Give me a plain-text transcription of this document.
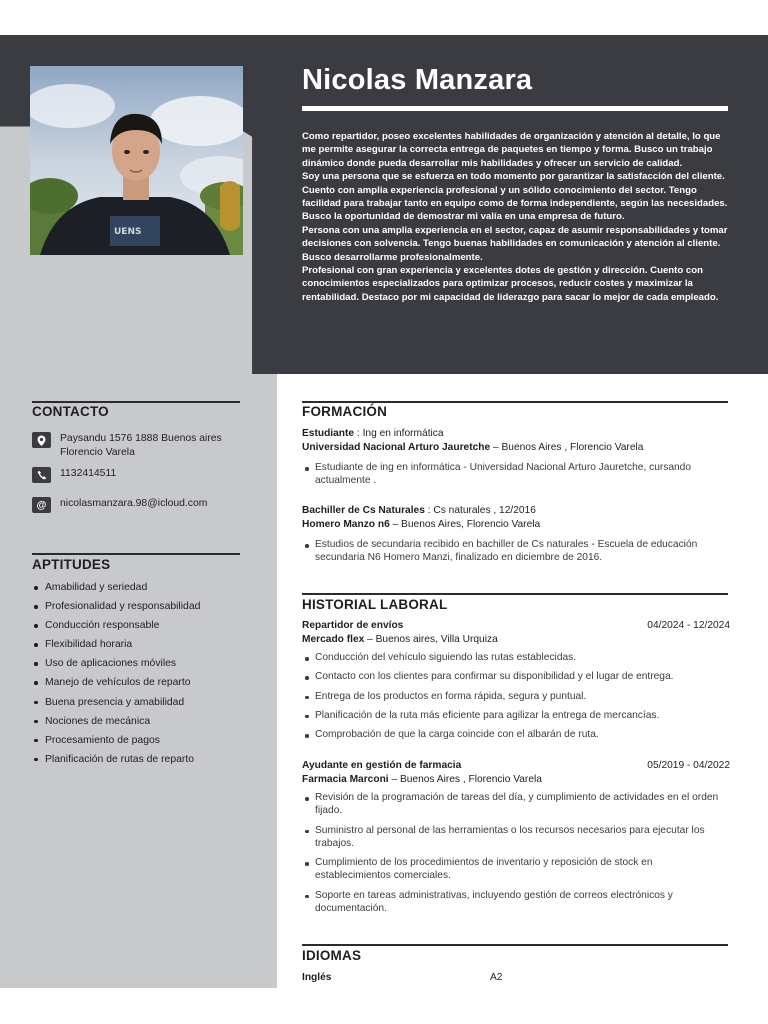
UENS
Nicolas Manzara

Como repartidor, poseo excelentes habilidades de organización y atención al detalle, lo que me permite asegurar la correcta entrega de paquetes en tiempo y forma. Busco un trabajo dinámico donde pueda desarrollar mis habilidades y ofrecer un servicio de calidad.

Soy una persona que se esfuerza en todo momento por garantizar la satisfacción del cliente. Cuento con amplia experiencia profesional y un sólido conocimiento del sector. Tengo facilidad para trabajar tanto en equipo como de forma independiente, según las necesidades. Busco la oportunidad de demostrar mi valía en una empresa de futuro.

Persona con una amplia experiencia en el sector, capaz de asumir responsabilidades y tomar decisiones con solvencia. Tengo buenas habilidades en comunicación y atención al cliente. Busco desarrollarme profesionalmente.

Profesional con gran experiencia y excelentes dotes de gestión y dirección. Cuento con conocimientos especializados para optimizar procesos, reducir costes y maximizar la rentabilidad. Destaco por mi capacidad de liderazgo para sacar lo mejor de cada empleado.

CONTACTO
Paysandu 1576 1888 Buenos aires Florencio Varela
1132414511
@	nicolasmanzara.98@icloud.com
APTITUDES
Amabilidad y seriedad
Profesionalidad y responsabilidad
Conducción responsable
Flexibilidad horaria
Uso de aplicaciones móviles
Manejo de vehículos de reparto
Buena presencia y amabilidad
Nociones de mecánica
Procesamiento de pagos
Planificación de rutas de reparto
FORMACIÓN
Estudiante : Ing en informática
Universidad Nacional Arturo Jauretche – Buenos Aires , Florencio Varela
Estudiante de ing en informática - Universidad Nacional Arturo Jauretche, cursando actualmente .
Bachiller de Cs Naturales : Cs naturales , 12/2016
Homero Manzo n6 – Buenos Aires, Florencio Varela
Estudios de secundaria recibido en bachiller de Cs naturales - Escuela de educación secundaria N6 Homero Manzi, finalizado en diciembre de 2016.
HISTORIAL LABORAL
Repartidor de envíos	04/2024 - 12/2024
Mercado flex – Buenos aires, Villa Urquiza
Conducción del vehículo siguiendo las rutas establecidas.
Contacto con los clientes para confirmar su disponibilidad y el lugar de entrega.
Entrega de los productos en forma rápida, segura y puntual.
Planificación de la ruta más eficiente para agilizar la entrega de mercancías.
Comprobación de que la carga coincide con el albarán de ruta.
Ayudante en gestión de farmacia	05/2019 - 04/2022
Farmacia Marconi – Buenos Aires , Florencio Varela
Revisión de la programación de tareas del día, y cumplimiento de actividades en el orden fijado.
Suministro al personal de las herramientas o los recursos necesarios para ejecutar los trabajos.
Cumplimiento de los procedimientos de inventario y reposición de stock en establecimientos comerciales.
Soporte en tareas administrativas, incluyendo gestión de correos electrónicos y documentación.
IDIOMAS
Inglés	A2
